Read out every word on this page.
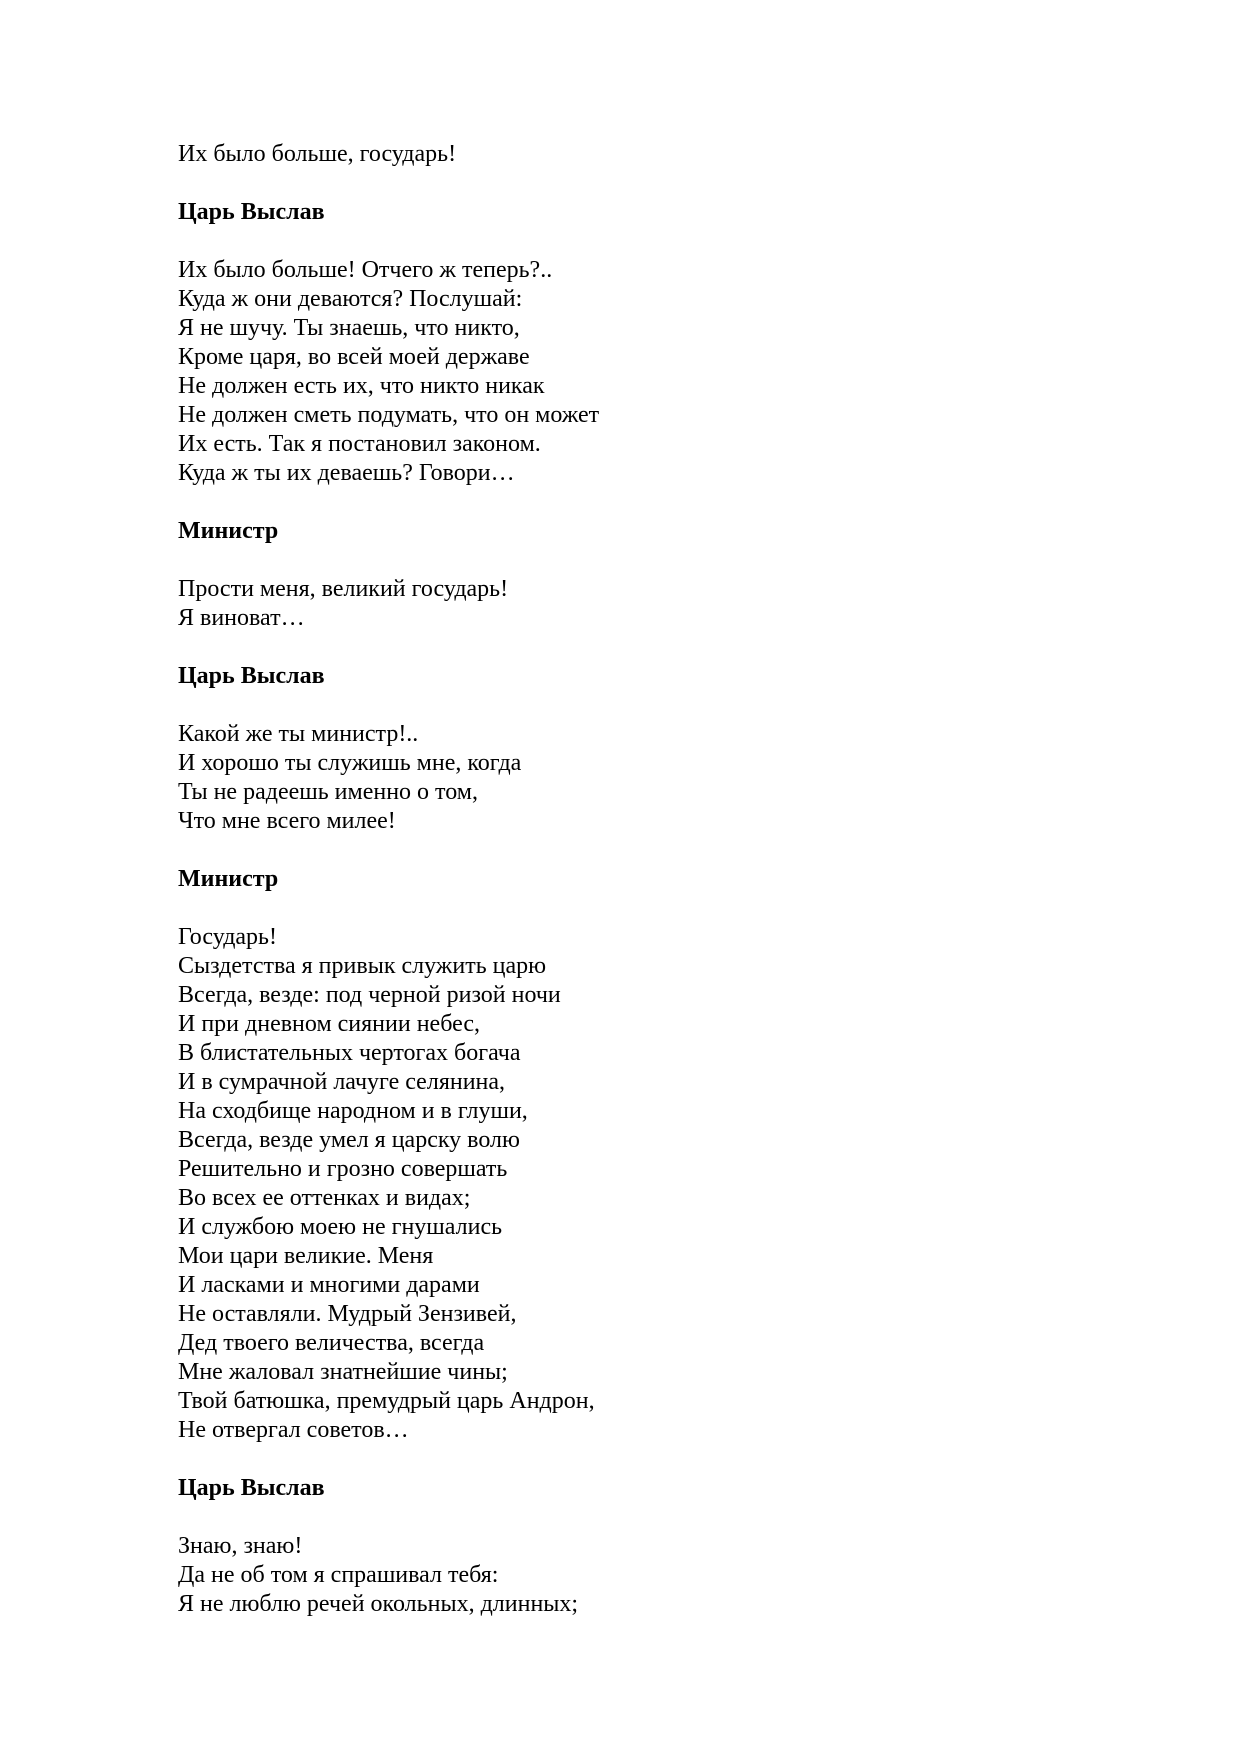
Их было больше, государь!
Царь Выслав
Их было больше! Отчего ж теперь?..
Куда ж они деваются? Послушай:
Я не шучу. Ты знаешь, что никто,
Кроме царя, во всей моей державе
Не должен есть их, что никто никак
Не должен сметь подумать, что он может
Их есть. Так я постановил законом.
Куда ж ты их деваешь? Говори…
Министр
Прости меня, великий государь!
Я виноват…
Царь Выслав
Какой же ты министр!..
И хорошо ты служишь мне, когда
Ты не радеешь именно о том,
Что мне всего милее!
Министр
Государь!
Сыздетства я привык служить царю
Всегда, везде: под черной ризой ночи
И при дневном сиянии небес,
В блистательных чертогах богача
И в сумрачной лачуге селянина,
На сходбище народном и в глуши,
Всегда, везде умел я царску волю
Решительно и грозно совершать
Во всех ее оттенках и видах;
И службою моею не гнушались
Мои цари великие. Меня
И ласками и многими дарами
Не оставляли. Мудрый Зензивей,
Дед твоего величества, всегда
Мне жаловал знатнейшие чины;
Твой батюшка, премудрый царь Андрон,
Не отвергал советов…
Царь Выслав
Знаю, знаю!
Да не об том я спрашивал тебя:
Я не люблю речей окольных, длинных;
